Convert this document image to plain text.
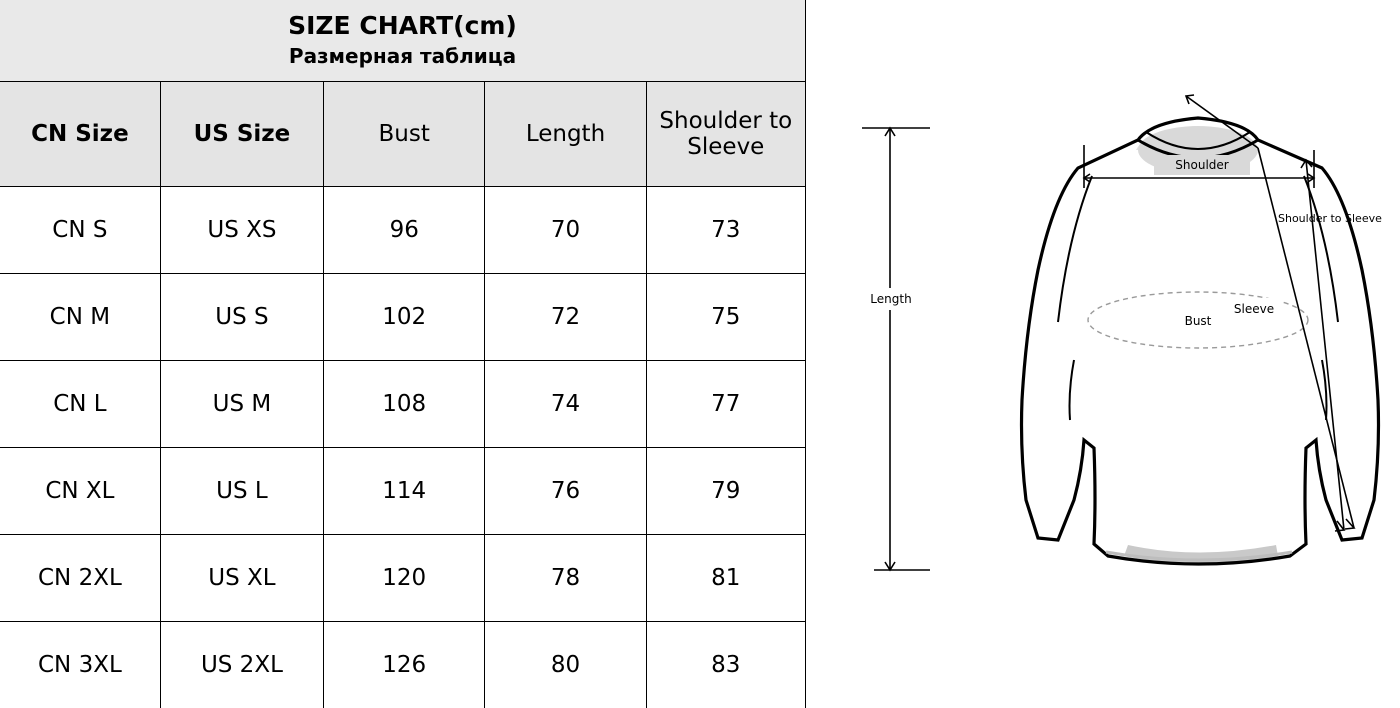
SIZE CHART(cm)
Размерная таблица				

CN Size	US Size	Bust	Length	Shoulder to Sleeve
CN S	US XS	96	70	73
CN M	US S	102	72	75
CN L	US M	108	74	77
CN XL	US L	114	76	79
CN 2XL	US XL	120	78	81
CN 3XL	US 2XL	126	80	83
Bust
Shoulder
Length
Sleeve
Shoulder to Sleeve
